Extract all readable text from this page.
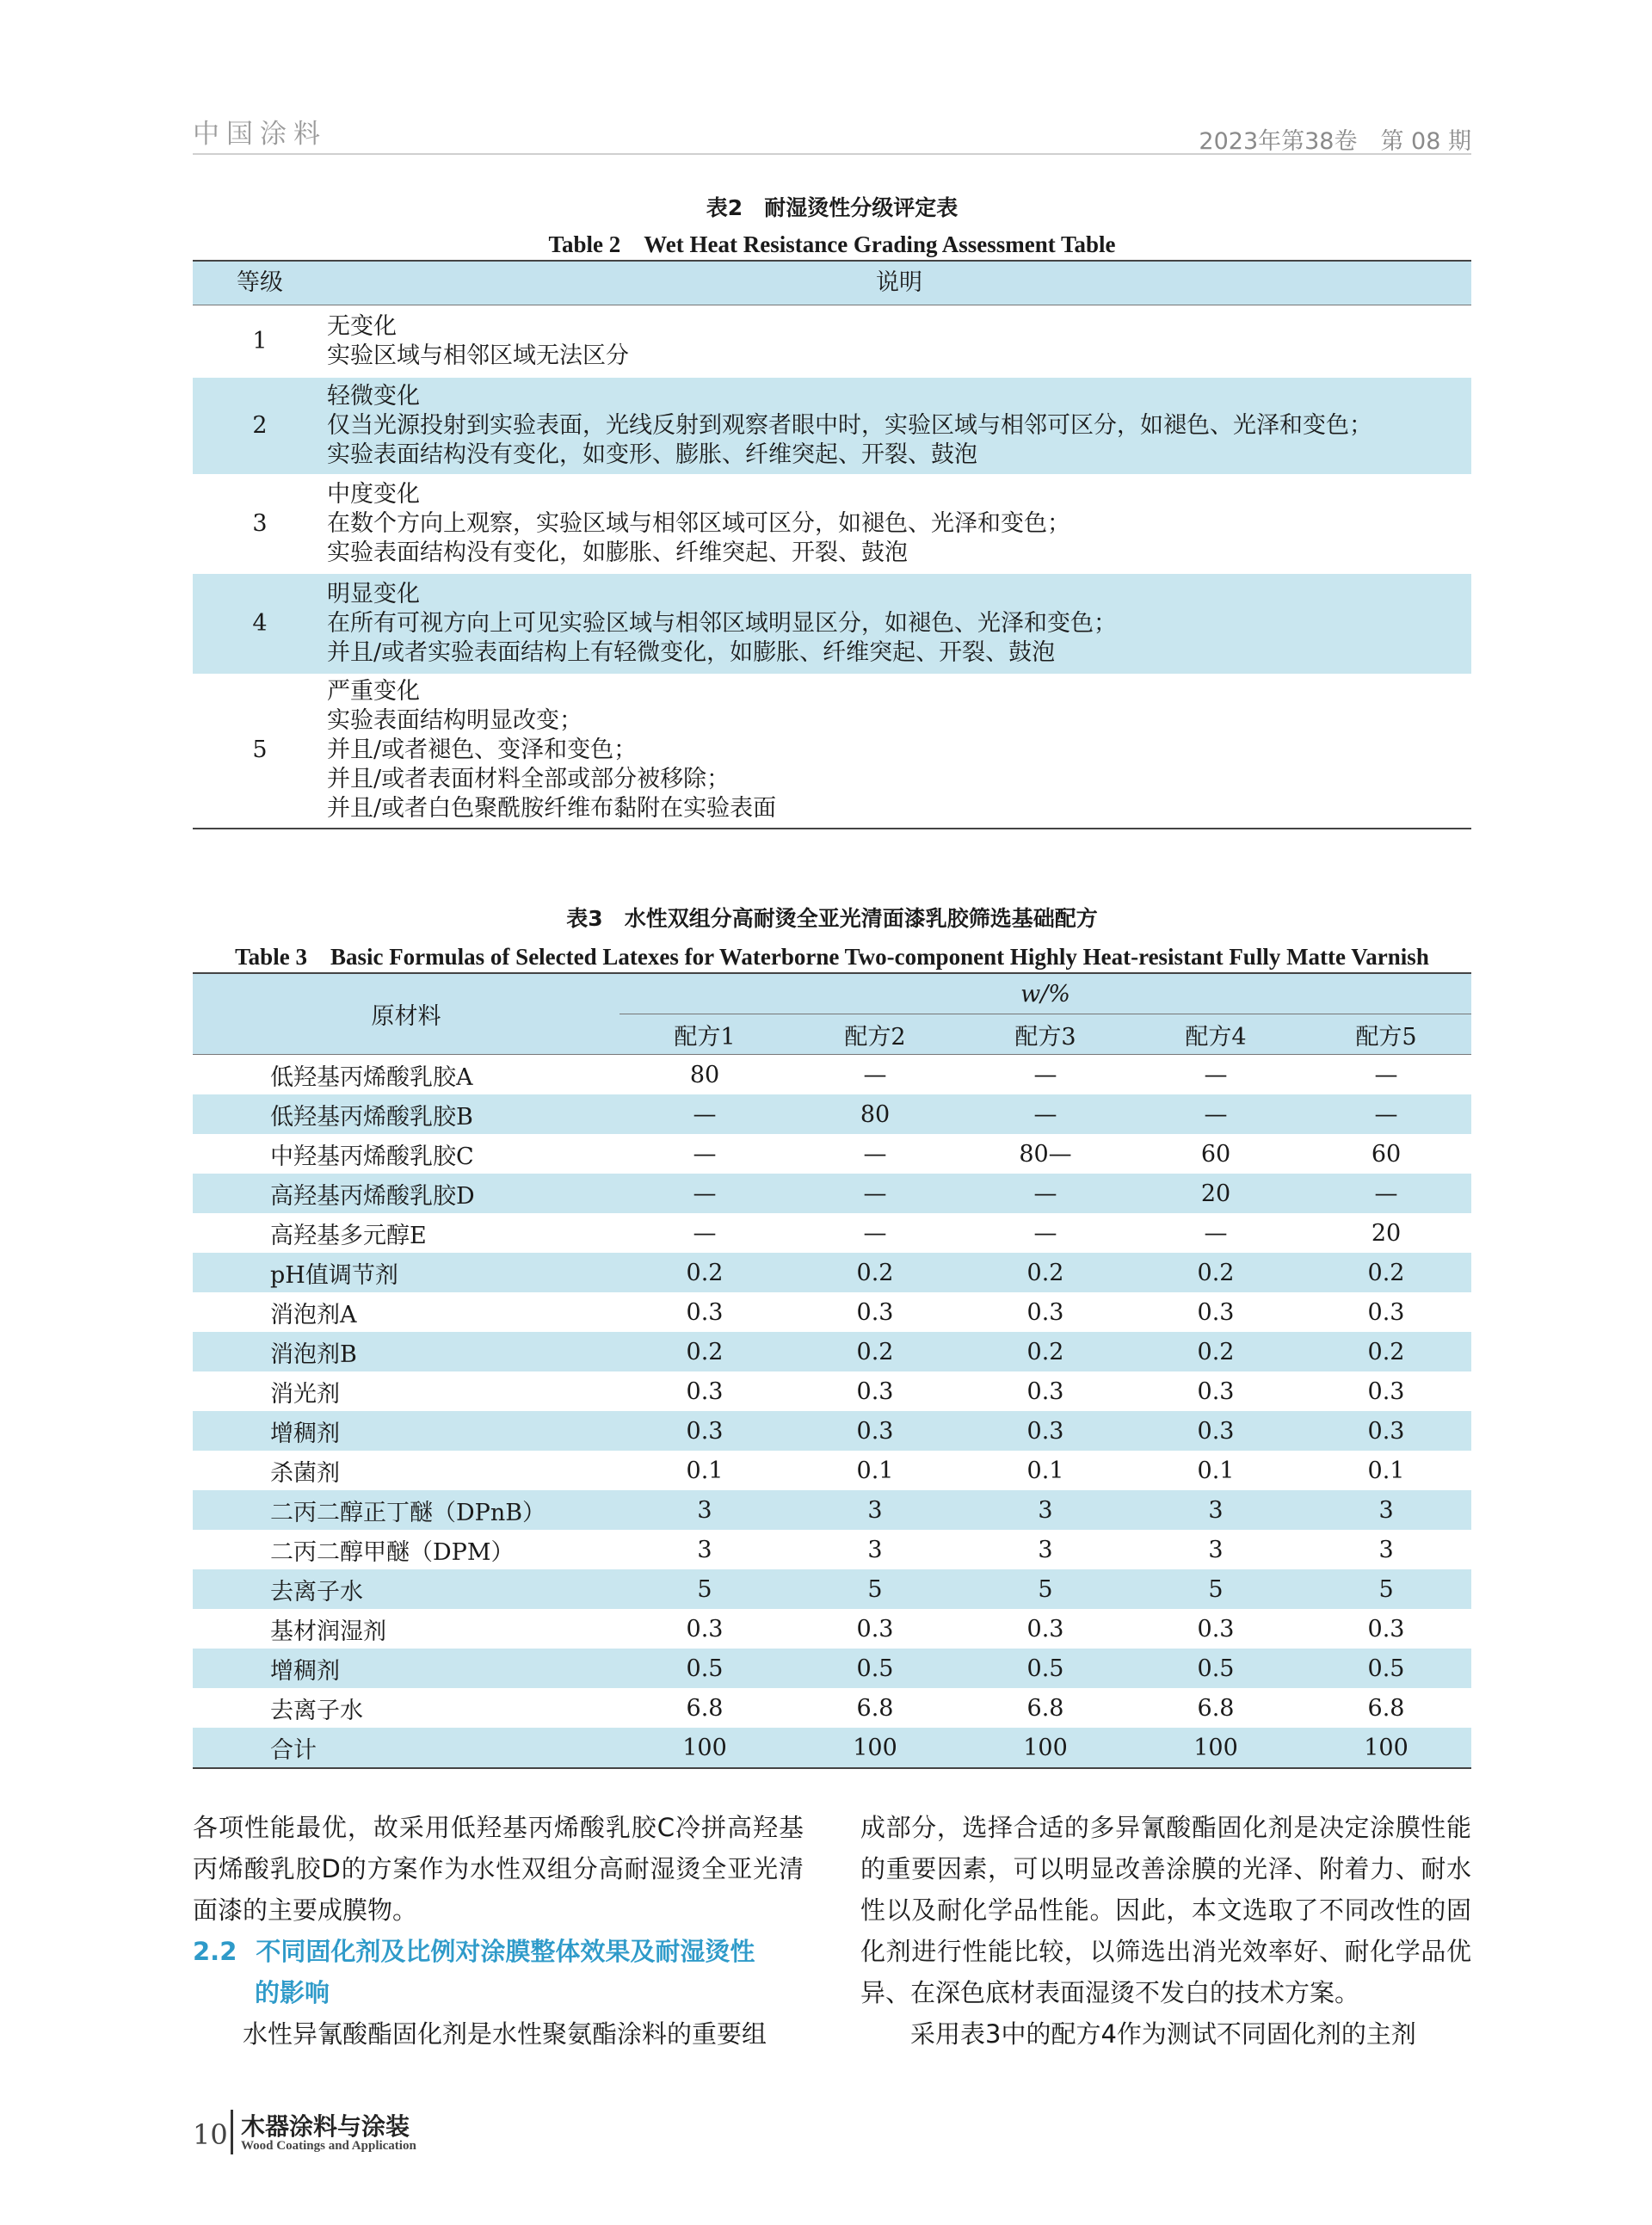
中国涂料	2023年第38卷　第 08 期
表2　耐湿烫性分级评定表
Table 2　Wet Heat Resistance Grading Assessment Table
等级	说明
1	无变化
实验区域与相邻区域无法区分

2	轻微变化
仅当光源投射到实验表面，光线反射到观察者眼中时，实验区域与相邻可区分，如褪色、光泽和变色；
实验表面结构没有变化，如变形、膨胀、纤维突起、开裂、鼓泡

3	中度变化
在数个方向上观察，实验区域与相邻区域可区分，如褪色、光泽和变色；
实验表面结构没有变化，如膨胀、纤维突起、开裂、鼓泡

4	明显变化
在所有可视方向上可见实验区域与相邻区域明显区分，如褪色、光泽和变色；
并且/或者实验表面结构上有轻微变化，如膨胀、纤维突起、开裂、鼓泡

5	严重变化
实验表面结构明显改变；
并且/或者褪色、变泽和变色；
并且/或者表面材料全部或部分被移除；
并且/或者白色聚酰胺纤维布黏附在实验表面
表3　水性双组分高耐烫全亚光清面漆乳胶筛选基础配方
Table 3　Basic Formulas of Selected Latexes for Waterborne Two-component Highly Heat-resistant Fully Matte Varnish
原材料	w/%				
	配方1	配方2	配方3	配方4	配方5
低羟基丙烯酸乳胶A	80	—	—	—	—
低羟基丙烯酸乳胶B	—	80	—	—	—
中羟基丙烯酸乳胶C	—	—	80—	60	60
高羟基丙烯酸乳胶D	—	—	—	20	—
高羟基多元醇E	—	—	—	—	20
pH值调节剂	0.2	0.2	0.2	0.2	0.2
消泡剂A	0.3	0.3	0.3	0.3	0.3
消泡剂B	0.2	0.2	0.2	0.2	0.2
消光剂	0.3	0.3	0.3	0.3	0.3
增稠剂	0.3	0.3	0.3	0.3	0.3
杀菌剂	0.1	0.1	0.1	0.1	0.1
二丙二醇正丁醚（DPnB）	3	3	3	3	3
二丙二醇甲醚（DPM）	3	3	3	3	3
去离子水	5	5	5	5	5
基材润湿剂	0.3	0.3	0.3	0.3	0.3
增稠剂	0.5	0.5	0.5	0.5	0.5
去离子水	6.8	6.8	6.8	6.8	6.8
合计	100	100	100	100	100

各项性能最优，故采用低羟基丙烯酸乳胶C冷拼高羟基丙烯酸乳胶D的方案作为水性双组分高耐湿烫全亚光清面漆的主要成膜物。

2.2 不同固化剂及比例对涂膜整体效果及耐湿烫性

的影响

水性异氰酸酯固化剂是水性聚氨酯涂料的重要组

成部分，选择合适的多异氰酸酯固化剂是决定涂膜性能的重要因素，可以明显改善涂膜的光泽、附着力、耐水性以及耐化学品性能。因此，本文选取了不同改性的固化剂进行性能比较，以筛选出消光效率好、耐化学品优异、在深色底材表面湿烫不发白的技术方案。

采用表3中的配方4作为测试不同固化剂的主剂

10 木器涂料与涂装
Wood Coatings and Application
